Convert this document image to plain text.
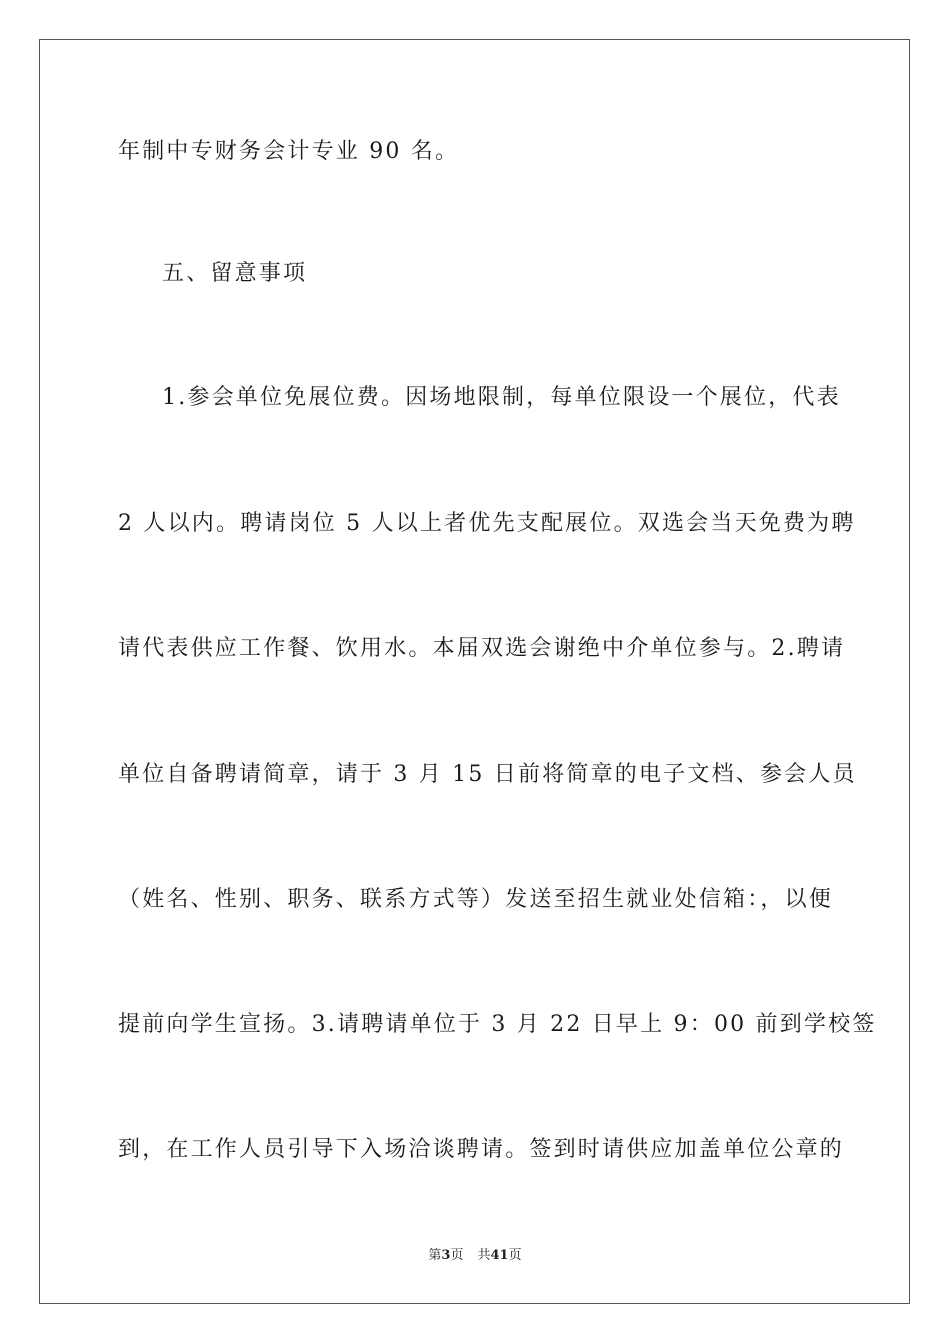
年制中专财务会计专业 90 名。
五、留意事项
1.参会单位免展位费。因场地限制，每单位限设一个展位，代表
2 人以内。聘请岗位 5 人以上者优先支配展位。双选会当天免费为聘
请代表供应工作餐、饮用水。本届双选会谢绝中介单位参与。2.聘请
单位自备聘请简章，请于 3 月 15 日前将简章的电子文档、参会人员
（姓名、性别、职务、联系方式等）发送至招生就业处信箱：，以便
提前向学生宣扬。3.请聘请单位于 3 月 22 日早上 9：00 前到学校签
到，在工作人员引导下入场洽谈聘请。签到时请供应加盖单位公章的
第3页 共41页
